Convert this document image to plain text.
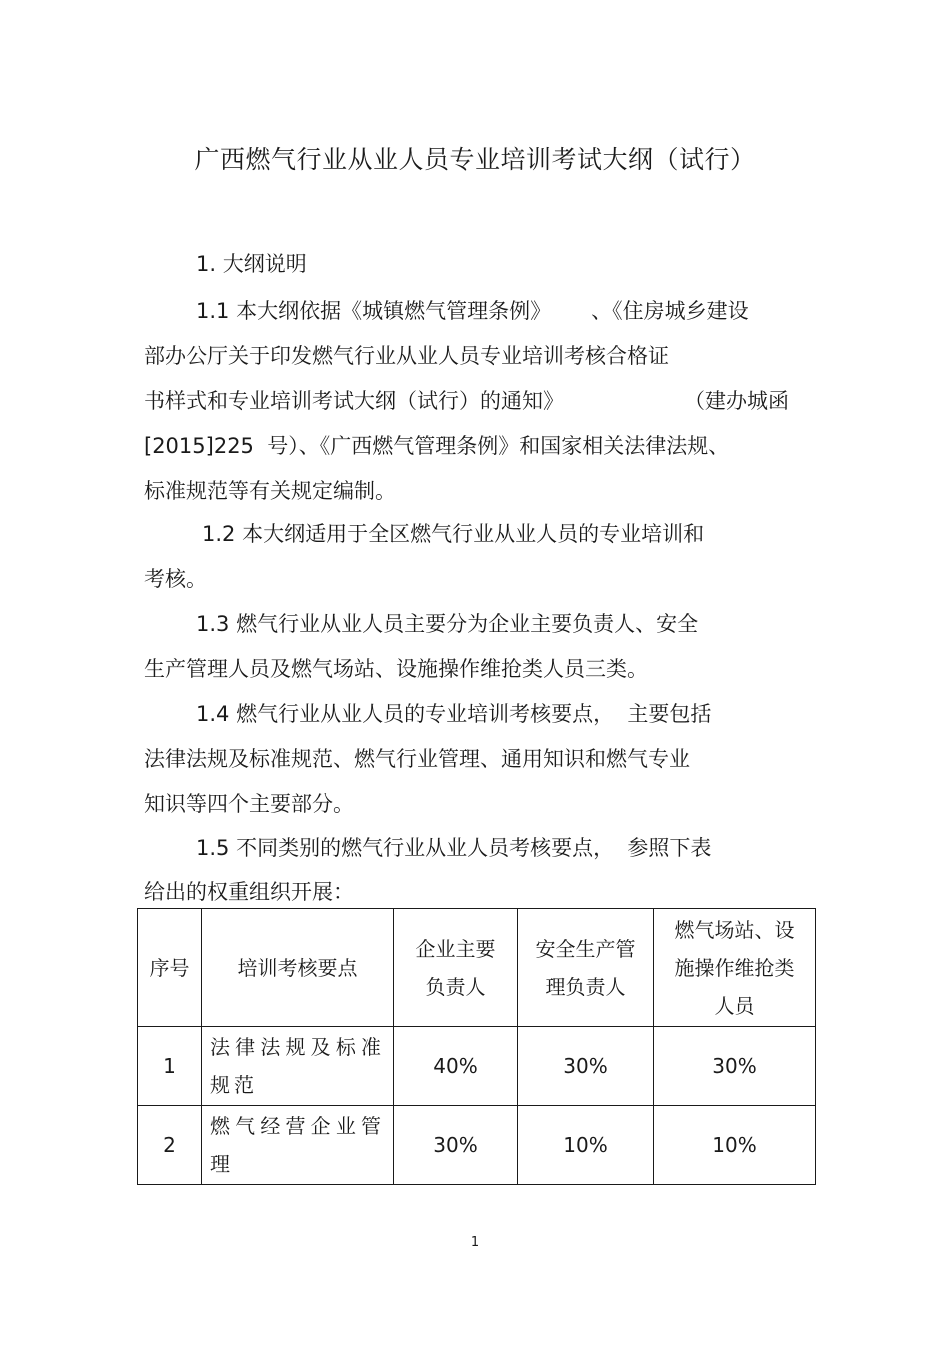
广西燃气行业从业人员专业培训考试大纲（试行）
1. 大纲说明
1.1 本大纲依据《城镇燃气管理条例》      、《住房城乡建设
部办公厅关于印发燃气行业从业人员专业培训考核合格证
书样式和专业培训考试大纲（试行）的通知》	（建办城函
[2015]225  号）、《广西燃气管理条例》和国家相关法律法规、
标准规范等有关规定编制。
1.2 本大纲适用于全区燃气行业从业人员的专业培训和
考核。
1.3 燃气行业从业人员主要分为企业主要负责人、安全
生产管理人员及燃气场站、设施操作维抢类人员三类。
1.4 燃气行业从业人员的专业培训考核要点，  主要包括
法律法规及标准规范、燃气行业管理、通用知识和燃气专业
知识等四个主要部分。
1.5 不同类别的燃气行业从业人员考核要点，  参照下表
给出的权重组织开展：
序号	培训考核要点	企业主要负责人	安全生产管理负责人	燃气场站、设施操作维抢类人员
1	法律法规及标准规范	40%	30%	30%
2	燃气经营企业管理	30%	10%	10%
1
